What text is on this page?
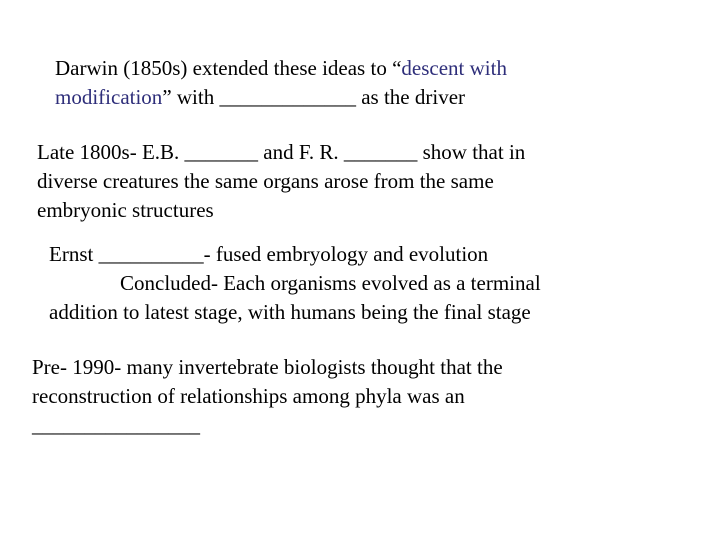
Darwin (1850s) extended these ideas to “descent with
modification” with _____________ as the driver
Late 1800s- E.B. _______ and F. R. _______ show that in
diverse creatures the same organs arose from the same
embryonic structures
Ernst __________- fused embryology and evolution
Concluded- Each organisms evolved as a terminal
addition to latest stage, with humans being the final stage
Pre- 1990- many invertebrate biologists thought that the
reconstruction of relationships among phyla was an
________________
